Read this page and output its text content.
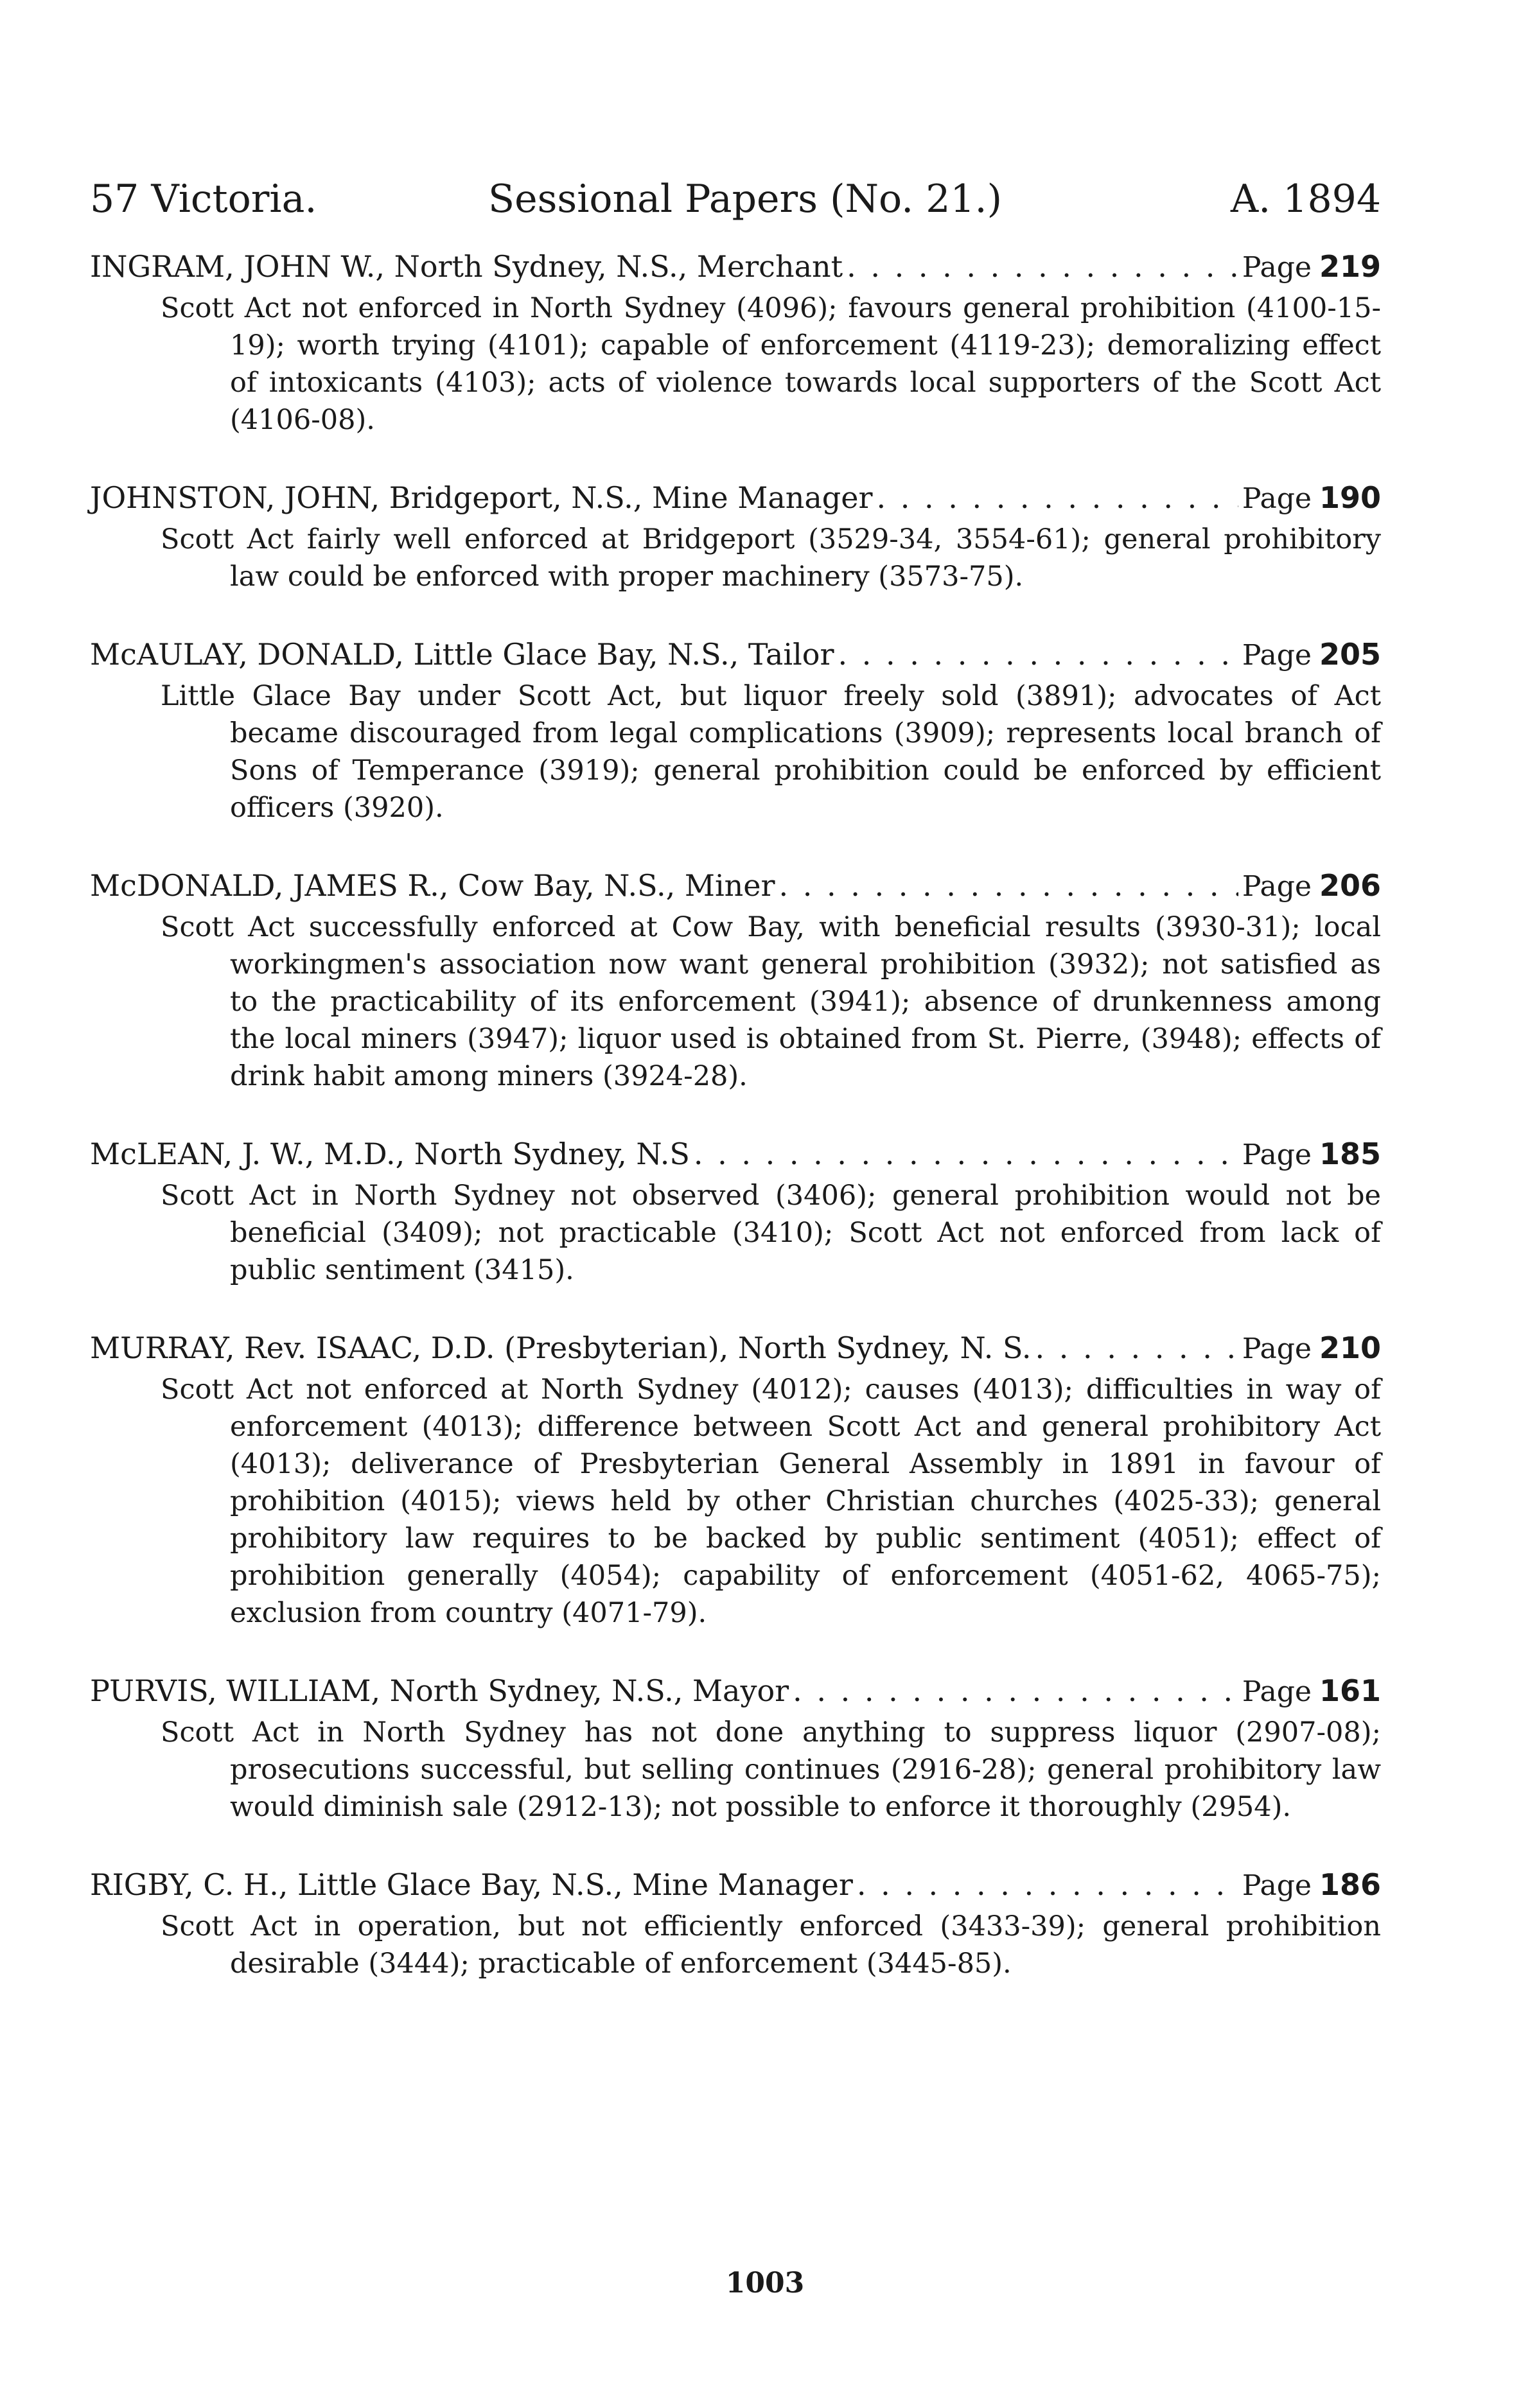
57 Victoria.	Sessional Papers (No. 21.)	A. 1894
INGRAM, JOHN W., North Sydney, N.S., Merchant . . .	Page 219
Scott Act not enforced in North Sydney (4096); favours general prohibition (4100-15-19); worth trying (4101); capable of enforcement (4119-23); demoralizing effect of intoxicants (4103); acts of violence towards local supporters of the Scott Act (4106-08).
JOHNSTON, JOHN, Bridgeport, N.S., Mine Manager . . .	Page 190
Scott Act fairly well enforced at Bridgeport (3529-34, 3554-61); general prohibitory law could be enforced with proper machinery (3573-75).
McAULAY, DONALD, Little Glace Bay, N.S., Tailor . . .	Page 205
Little Glace Bay under Scott Act, but liquor freely sold (3891); advocates of Act became discouraged from legal complications (3909); represents local branch of Sons of Temperance (3919); general prohibition could be enforced by efficient officers (3920).
McDONALD, JAMES R., Cow Bay, N.S., Miner . . .	Page 206
Scott Act successfully enforced at Cow Bay, with beneficial results (3930-31); local workingmen's association now want general prohibition (3932); not satisfied as to the practicability of its enforcement (3941); absence of drunkenness among the local miners (3947); liquor used is obtained from St. Pierre, (3948); effects of drink habit among miners (3924-28).
McLEAN, J. W., M.D., North Sydney, N.S . . .	Page 185
Scott Act in North Sydney not observed (3406); general prohibition would not be beneficial (3409); not practicable (3410); Scott Act not enforced from lack of public sentiment (3415).
MURRAY, Rev. ISAAC, D.D. (Presbyterian), North Sydney, N. S. . . .	Page 210
Scott Act not enforced at North Sydney (4012); causes (4013); difficulties in way of enforcement (4013); difference between Scott Act and general prohibitory Act (4013); deliverance of Presbyterian General Assembly in 1891 in favour of prohibition (4015); views held by other Christian churches (4025-33); general prohibitory law requires to be backed by public sentiment (4051); effect of prohibition generally (4054); capability of enforcement (4051-62, 4065-75); exclusion from country (4071-79).
PURVIS, WILLIAM, North Sydney, N.S., Mayor . . .	Page 161
Scott Act in North Sydney has not done anything to suppress liquor (2907-08); prosecutions successful, but selling continues (2916-28); general prohibitory law would diminish sale (2912-13); not possible to enforce it thoroughly (2954).
RIGBY, C. H., Little Glace Bay, N.S., Mine Manager . . .	Page 186
Scott Act in operation, but not efficiently enforced (3433-39); general prohibition desirable (3444); practicable of enforcement (3445-85).
1003
